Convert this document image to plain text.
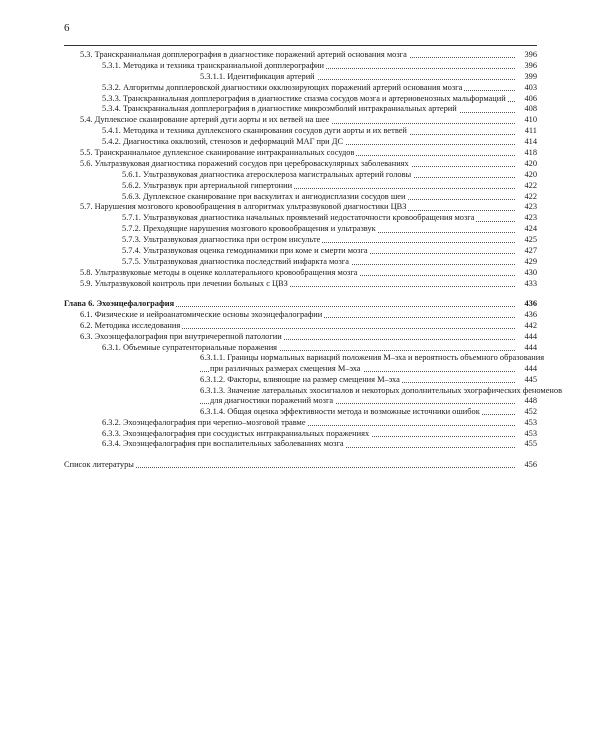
6
5.3. Транскраниальная допплерография в диагностике поражений артерий основания мозга	396
5.3.1. Методика и техника транскраниальной допплерографии	396
5.3.1.1. Идентификация артерий	399
5.3.2. Алгоритмы допплеровской диагностики окклюзирующих поражений артерий основания мозга	403
5.3.3. Транскраниальная допплерография в диагностике спазма сосудов мозга и артериовенозных мальформаций 406
5.3.4. Транскраниальная допплерография в диагностике микроэмболий интракраниальных артерий	408
5.4. Дуплексное сканирование артерий дуги аорты и их ветвей на шее	410
5.4.1. Методика и техника дуплексного сканирования сосудов дуги аорты и их ветвей	411
5.4.2. Диагностика окклюзий, стенозов и деформаций МАГ при ДС	414
5.5. Транскраниальное дуплексное сканирование интракраниальных сосудов	418
5.6. Ультразвуковая диагностика поражений сосудов при цереброваскулярных заболеваниях	420
5.6.1. Ультразвуковая диагностика атеросклероза магистральных артерий головы	420
5.6.2. Ультразвук при артериальной гипертонии	422
5.6.3. Дуплексное сканирование при васкулитах и ангиодисплазии сосудов шеи	422
5.7. Нарушения мозгового кровообращения в алгоритмах ультразвуковой диагностики ЦВЗ	423
5.7.1. Ультразвуковая диагностика начальных проявлений недостаточности кровообращения мозга	423
5.7.2. Преходящие нарушения мозгового кровообращения и ультразвук	424
5.7.3. Ультразвуковая диагностика при остром инсульте	425
5.7.4. Ультразвуковая оценка гемодинамики при коме и смерти мозга	427
5.7.5. Ультразвуковая диагностика последствий инфаркта мозга	429
5.8. Ультразвуковые методы в оценке коллатерального кровообращения мозга	430
5.9. Ультразвуковой контроль при лечении больных с ЦВЗ	433
Глава 6. Эхоэнцефалография	436
6.1. Физические и нейроанатомические основы эхоэнцефалографии	436
6.2. Методика исследования	442
6.3. Эхоэнцефалография при внутричерепной патологии	444
6.3.1. Объемные супратенториальные поражения	444
6.3.1.1. Границы нормальных вариаций положения М–эха и вероятность объемного образования
при различных размерах смещения М–эха	444
6.3.1.2. Факторы, влияющие на размер смещения М–эха	445
6.3.1.3. Значение латеральных эхосигналов и некоторых дополнительных эхографических феноменов
для диагностики поражений мозга	448
6.3.1.4. Общая оценка эффективности метода и возможные источники ошибок	452
6.3.2. Эхоэнцефалография при черепно–мозговой травме	453
6.3.3. Эхоэнцефалография при сосудистых интракраниальных поражениях	453
6.3.4. Эхоэнцефалография при воспалительных заболеваниях мозга	455
Список литературы	456
